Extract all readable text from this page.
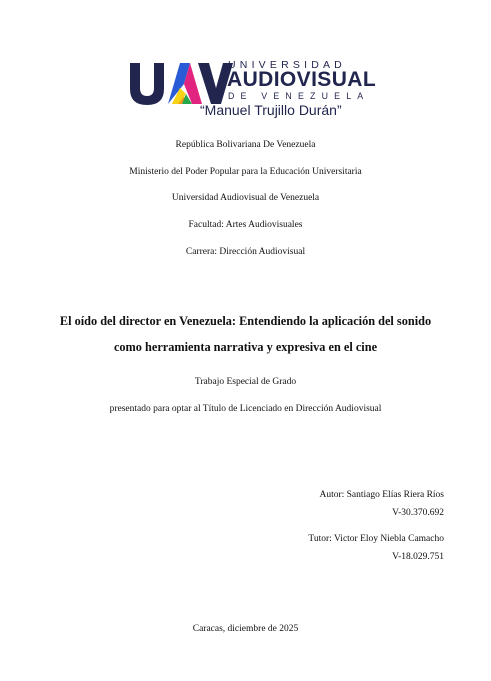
UNIVERSIDAD
AUDIOVISUAL
DE VENEZUELA
“Manuel Trujillo Durán”
República Bolivariana De Venezuela
Ministerio del Poder Popular para la Educación Universitaria
Universidad Audiovisual de Venezuela
Facultad: Artes Audiovisuales
Carrera: Dirección Audiovisual
El oído del director en Venezuela: Entendiendo la aplicación del sonido
como herramienta narrativa y expresiva en el cine
Trabajo Especial de Grado
presentado para optar al Título de Licenciado en Dirección Audiovisual
Autor: Santiago Elías Riera Ríos
V-30.370.692
Tutor: Victor Eloy Niebla Camacho
V-18.029.751
Caracas, diciembre de 2025
